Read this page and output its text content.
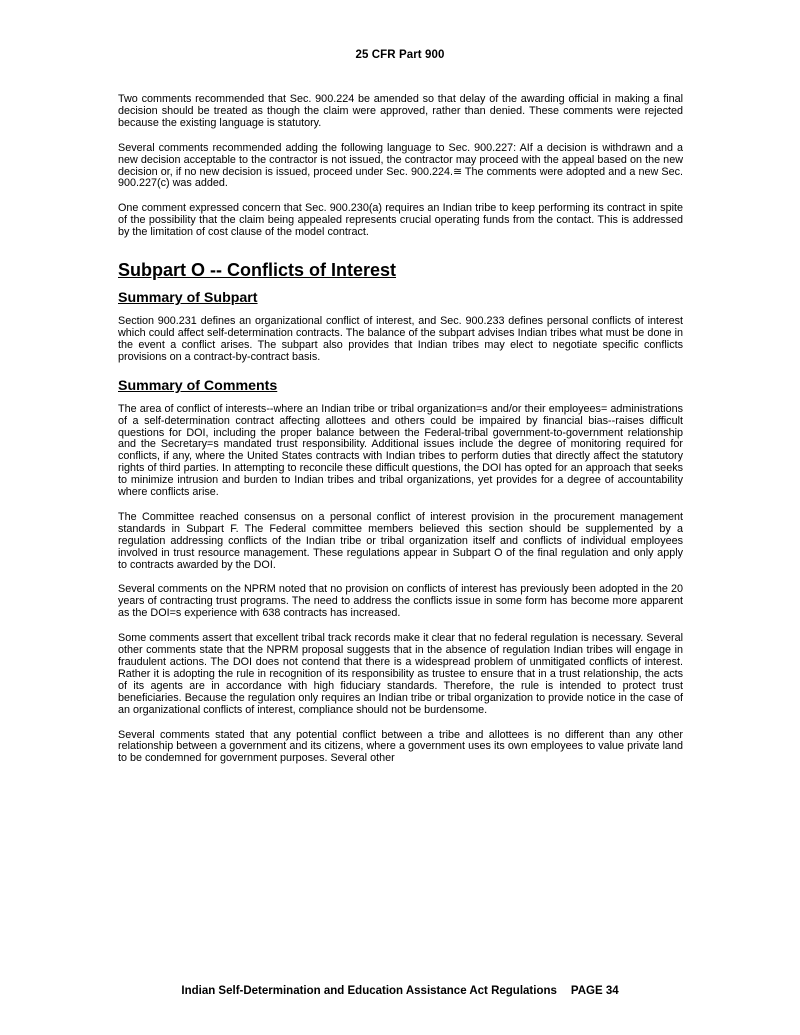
25 CFR Part 900

Two comments recommended that Sec. 900.224 be amended so that delay of the awarding official in making a final decision should be treated as though the claim were approved, rather than denied. These comments were rejected because the existing language is statutory.

Several comments recommended adding the following language to Sec. 900.227: AIf a decision is withdrawn and a new decision acceptable to the contractor is not issued, the contractor may proceed with the appeal based on the new decision or, if no new decision is issued, proceed under Sec. 900.224.≅ The comments were adopted and a new Sec. 900.227(c) was added.

One comment expressed concern that Sec. 900.230(a) requires an Indian tribe to keep performing its contract in spite of the possibility that the claim being appealed represents crucial operating funds from the contact. This is addressed by the limitation of cost clause of the model contract.

Subpart O -- Conflicts of Interest
Summary of Subpart

Section 900.231 defines an organizational conflict of interest, and Sec. 900.233 defines personal conflicts of interest which could affect self-determination contracts. The balance of the subpart advises Indian tribes what must be done in the event a conflict arises. The subpart also provides that Indian tribes may elect to negotiate specific conflicts provisions on a contract-by-contract basis.

Summary of Comments

The area of conflict of interests--where an Indian tribe or tribal organization=s and/or their employees= administrations of a self-determination contract affecting allottees and others could be impaired by financial bias--raises difficult questions for DOI, including the proper balance between the Federal-tribal government-to-government relationship and the Secretary=s mandated trust responsibility. Additional issues include the degree of monitoring required for conflicts, if any, where the United States contracts with Indian tribes to perform duties that directly affect the statutory rights of third parties. In attempting to reconcile these difficult questions, the DOI has opted for an approach that seeks to minimize intrusion and burden to Indian tribes and tribal organizations, yet provides for a degree of accountability where conflicts arise.

The Committee reached consensus on a personal conflict of interest provision in the procurement management standards in Subpart F. The Federal committee members believed this section should be supplemented by a regulation addressing conflicts of the Indian tribe or tribal organization itself and conflicts of individual employees involved in trust resource management. These regulations appear in Subpart O of the final regulation and only apply to contracts awarded by the DOI.

Several comments on the NPRM noted that no provision on conflicts of interest has previously been adopted in the 20 years of contracting trust programs. The need to address the conflicts issue in some form has become more apparent as the DOI=s experience with 638 contracts has increased.

Some comments assert that excellent tribal track records make it clear that no federal regulation is necessary. Several other comments state that the NPRM proposal suggests that in the absence of regulation Indian tribes will engage in fraudulent actions. The DOI does not contend that there is a widespread problem of unmitigated conflicts of interest. Rather it is adopting the rule in recognition of its responsibility as trustee to ensure that in a trust relationship, the acts of its agents are in accordance with high fiduciary standards. Therefore, the rule is intended to protect trust beneficiaries. Because the regulation only requires an Indian tribe or tribal organization to provide notice in the case of an organizational conflicts of interest, compliance should not be burdensome.

Several comments stated that any potential conflict between a tribe and allottees is no different than any other relationship between a government and its citizens, where a government uses its own employees to value private land to be condemned for government purposes. Several other

Indian Self-Determination and Education Assistance Act Regulations PAGE 34
